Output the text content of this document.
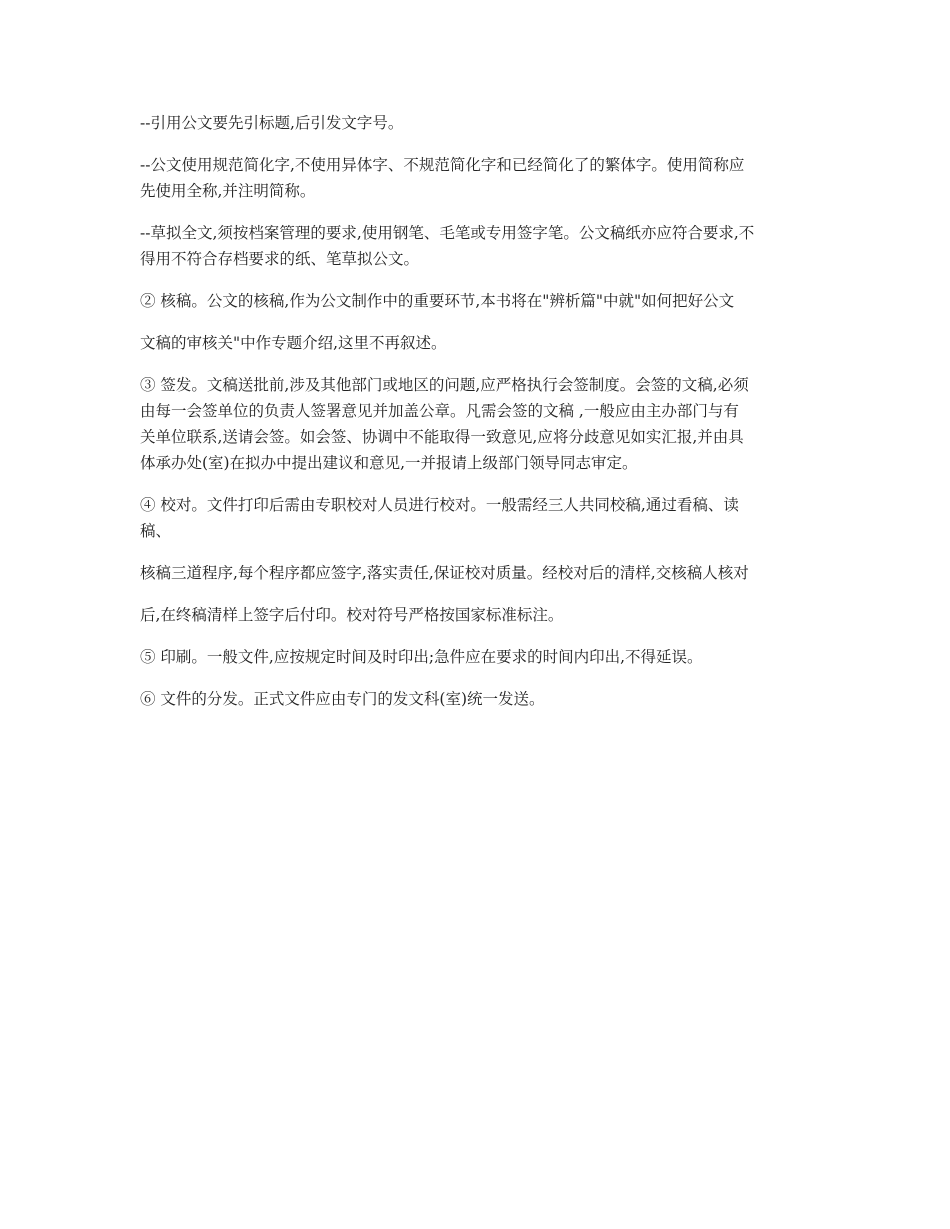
--引用公文要先引标题,后引发文字号。

--公文使用规范简化字,不使用异体字、不规范简化字和已经简化了的繁体字。使用简称应
先使用全称,并注明简称。

--草拟全文,须按档案管理的要求,使用钢笔、毛笔或专用签字笔。公文稿纸亦应符合要求,不
得用不符合存档要求的纸、笔草拟公文。

② 核稿。公文的核稿,作为公文制作中的重要环节,本书将在"辨析篇"中就"如何把好公文

文稿的审核关"中作专题介绍,这里不再叙述。

③ 签发。文稿送批前,涉及其他部门或地区的问题,应严格执行会签制度。会签的文稿,必须
由每一会签单位的负责人签署意见并加盖公章。凡需会签的文稿 ,一般应由主办部门与有
关单位联系,送请会签。如会签、协调中不能取得一致意见,应将分歧意见如实汇报,并由具
体承办处(室)在拟办中提出建议和意见,一并报请上级部门领导同志审定。

④ 校对。文件打印后需由专职校对人员进行校对。一般需经三人共同校稿,通过看稿、读
稿、

核稿三道程序,每个程序都应签字,落实责任,保证校对质量。经校对后的清样,交核稿人核对

后,在终稿清样上签字后付印。校对符号严格按国家标准标注。

⑤ 印刷。一般文件,应按规定时间及时印出;急件应在要求的时间内印出,不得延误。

⑥ 文件的分发。正式文件应由专门的发文科(室)统一发送。
